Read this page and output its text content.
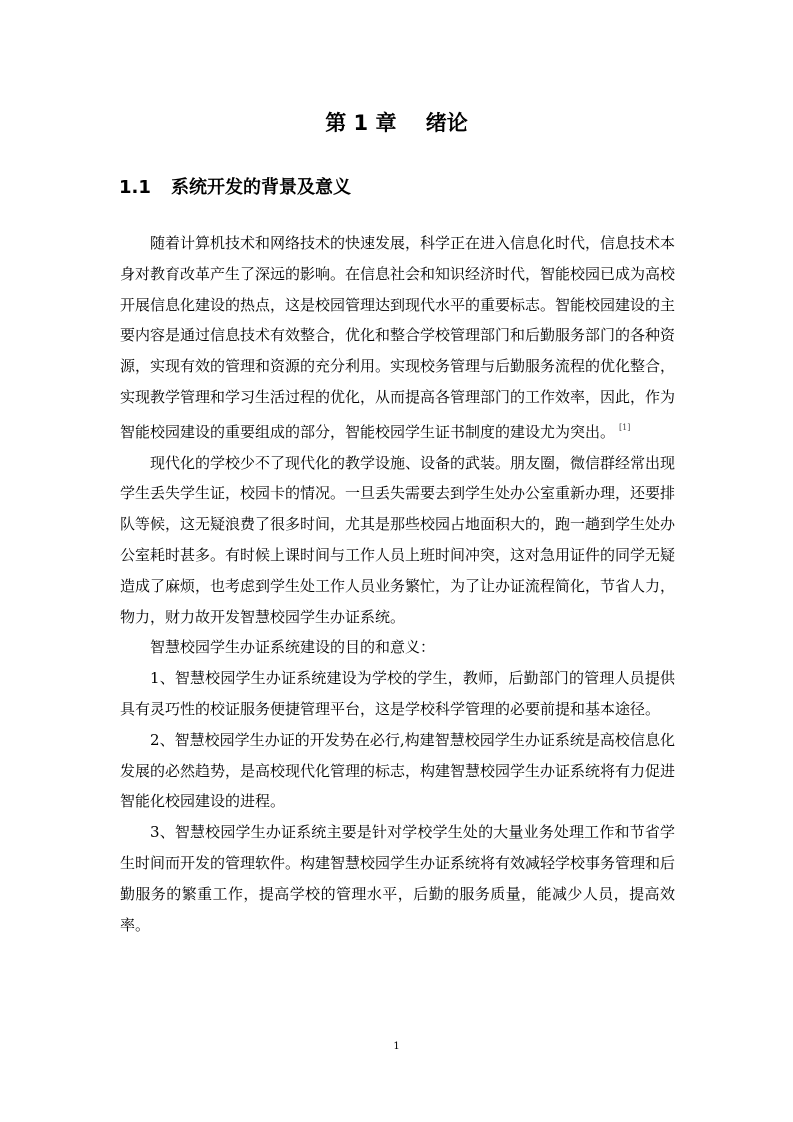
第 1 章    绪论
1.1 系统开发的背景及意义

随着计算机技术和网络技术的快速发展，科学正在进入信息化时代，信息技术本身对教育改革产生了深远的影响。在信息社会和知识经济时代，智能校园已成为高校开展信息化建设的热点，这是校园管理达到现代水平的重要标志。智能校园建设的主要内容是通过信息技术有效整合，优化和整合学校管理部门和后勤服务部门的各种资源，实现有效的管理和资源的充分利用。实现校务管理与后勤服务流程的优化整合，实现教学管理和学习生活过程的优化，从而提高各管理部门的工作效率，因此，作为智能校园建设的重要组成的部分，智能校园学生证书制度的建设尤为突出。 [1]

现代化的学校少不了现代化的教学设施、设备的武装。朋友圈，微信群经常出现学生丢失学生证，校园卡的情况。一旦丢失需要去到学生处办公室重新办理，还要排队等候，这无疑浪费了很多时间，尤其是那些校园占地面积大的，跑一趟到学生处办公室耗时甚多。有时候上课时间与工作人员上班时间冲突，这对急用证件的同学无疑造成了麻烦，也考虑到学生处工作人员业务繁忙，为了让办证流程简化，节省人力，物力，财力故开发智慧校园学生办证系统。

智慧校园学生办证系统建设的目的和意义：

1、智慧校园学生办证系统建设为学校的学生，教师，后勤部门的管理人员提供具有灵巧性的校证服务便捷管理平台，这是学校科学管理的必要前提和基本途径。

2、智慧校园学生办证的开发势在必行,构建智慧校园学生办证系统是高校信息化发展的必然趋势，是高校现代化管理的标志，构建智慧校园学生办证系统将有力促进智能化校园建设的进程。

3、智慧校园学生办证系统主要是针对学校学生处的大量业务处理工作和节省学生时间而开发的管理软件。构建智慧校园学生办证系统将有效减轻学校事务管理和后勤服务的繁重工作，提高学校的管理水平，后勤的服务质量，能减少人员，提高效率。

1
